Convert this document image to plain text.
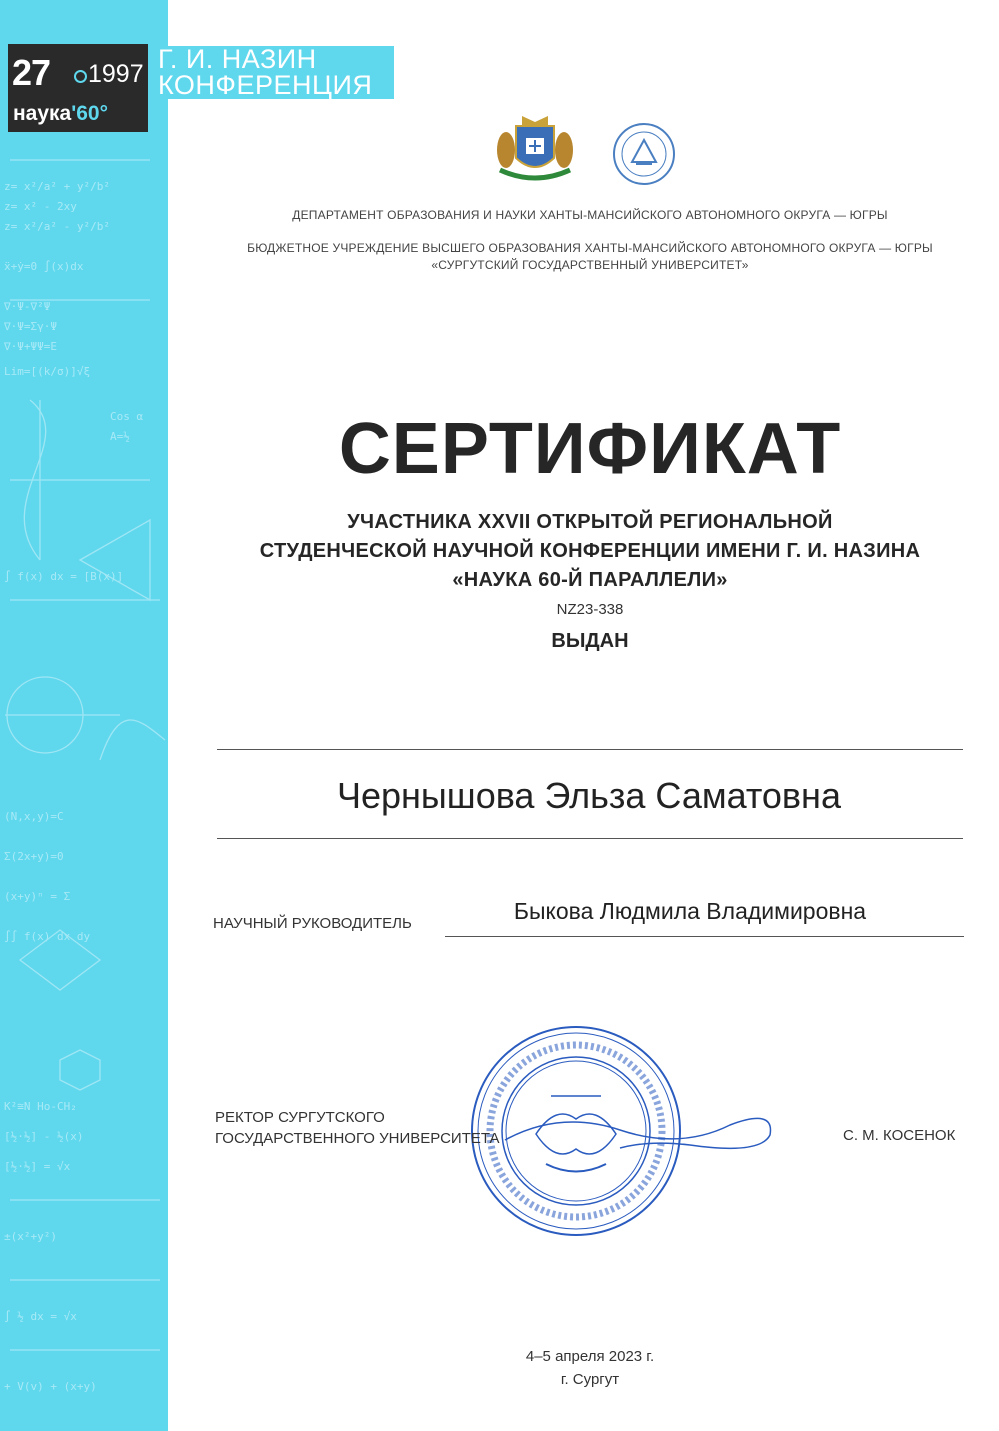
z= x²/a² + y²/b²
z= x² - 2xy
z= x²/a² - y²/b²
ẍ+ẏ=0 ∫(x)dx
∇·Ψ-∇²Ψ
∇·Ψ=Σγ·Ψ
∇·Ψ+ΨΨ=Ε
Lim=[(k/σ)]√ξ
Cos α
A=½
∫ f(x) dx = [B(x)]
(N,x,y)=C
Σ(2x+y)=0
(x+y)ⁿ = Σ
∫∫ f(x) dx dy
K²≅N Ho-CH₂
[½·½] - ½(x)
[½·½] = √x
±(x²+y²)
∫ ½ dx = √x
+ V(v) + (x+y)
27 1997
наука'60°
Г. И. НАЗИН
КОНФЕРЕНЦИЯ
ДЕПАРТАМЕНТ ОБРАЗОВАНИЯ И НАУКИ ХАНТЫ-МАНСИЙСКОГО АВТОНОМНОГО ОКРУГА — ЮГРЫ
БЮДЖЕТНОЕ УЧРЕЖДЕНИЕ ВЫСШЕГО ОБРАЗОВАНИЯ ХАНТЫ-МАНСИЙСКОГО АВТОНОМНОГО ОКРУГА — ЮГРЫ
«СУРГУТСКИЙ ГОСУДАРСТВЕННЫЙ УНИВЕРСИТЕТ»
СЕРТИФИКАТ
УЧАСТНИКА XXVII ОТКРЫТОЙ РЕГИОНАЛЬНОЙ
СТУДЕНЧЕСКОЙ НАУЧНОЙ КОНФЕРЕНЦИИ ИМЕНИ Г. И. НАЗИНА
«НАУКА 60-Й ПАРАЛЛЕЛИ»
NZ23-338
ВЫДАН
Чернышова Эльза Саматовна
НАУЧНЫЙ РУКОВОДИТЕЛЬ	Быкова Людмила Владимировна
РЕКТОР СУРГУТСКОГО
ГОСУДАРСТВЕННОГО УНИВЕРСИТЕТА	С. М. КОСЕНОК
4–5 апреля 2023 г.
г. Сургут
